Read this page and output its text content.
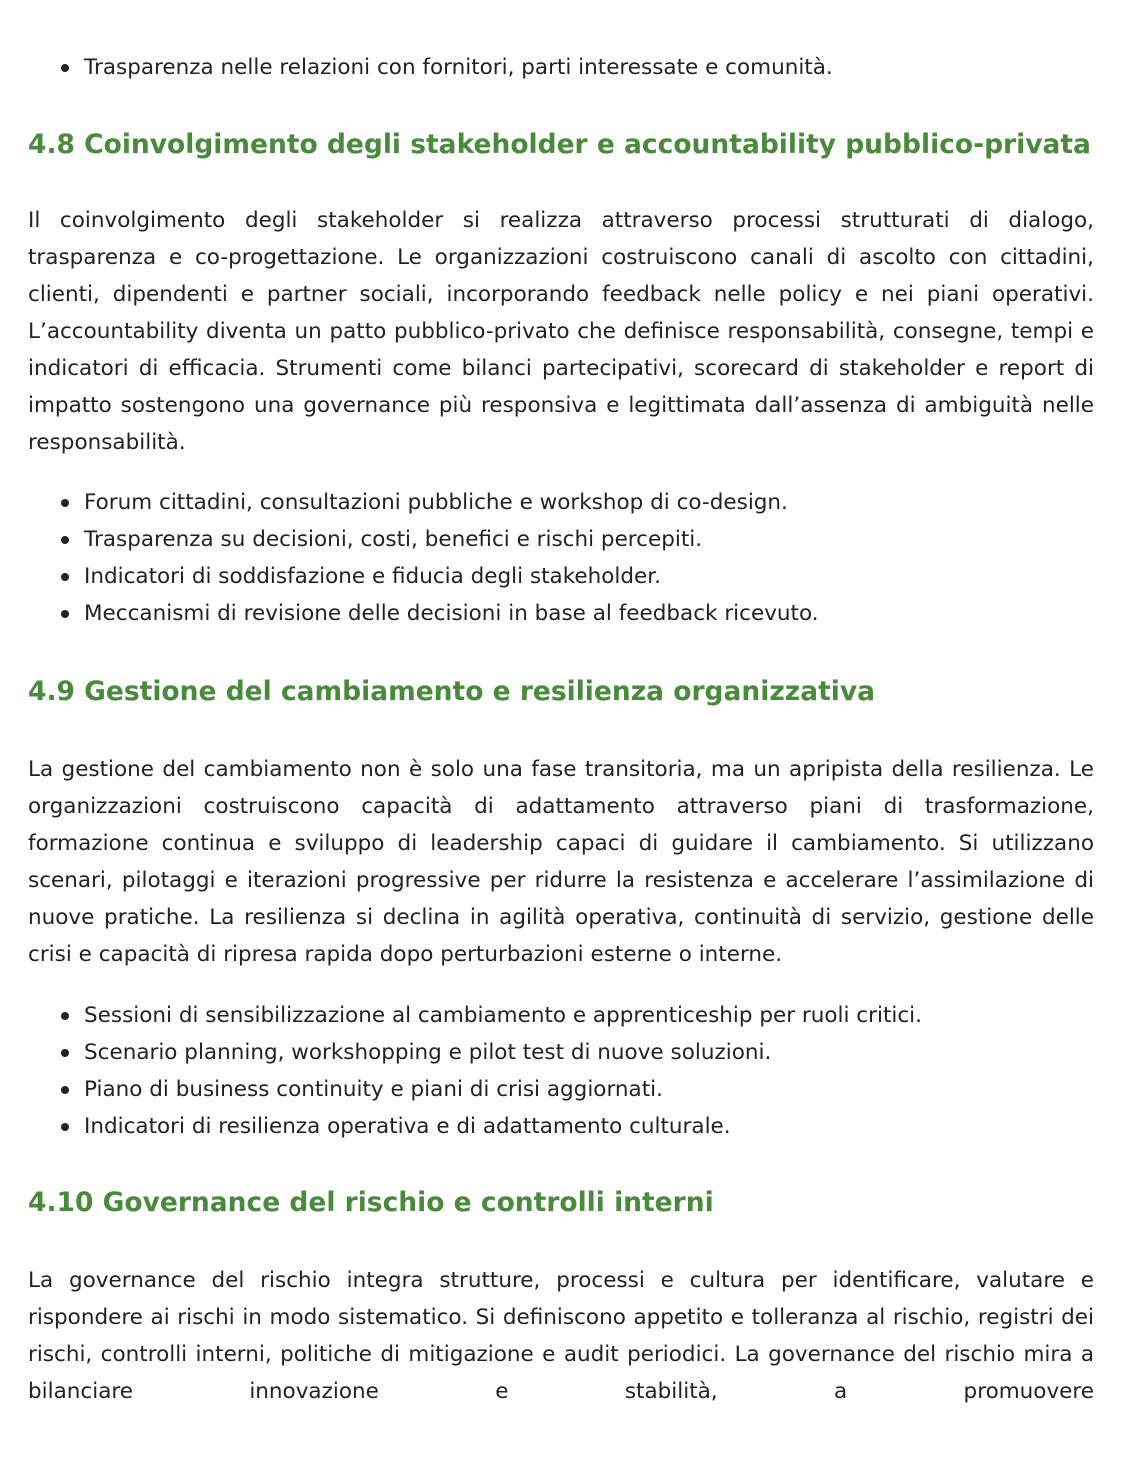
Trasparenza nelle relazioni con fornitori, parti interessate e comunità.
4.8 Coinvolgimento degli stakeholder e accountability pubblico-privata

Il coinvolgimento degli stakeholder si realizza attraverso processi strutturati di dialogo, trasparenza e co-progettazione. Le organizzazioni costruiscono canali di ascolto con cittadini, clienti, dipendenti e partner sociali, incorporando feedback nelle policy e nei piani operativi. L’accountability diventa un patto pubblico-privato che definisce responsabilità, consegne, tempi e indicatori di efficacia. Strumenti come bilanci partecipativi, scorecard di stakeholder e report di impatto sostengono una governance più responsiva e legittimata dall’assenza di ambiguità nelle responsabilità.

Forum cittadini, consultazioni pubbliche e workshop di co-design.
Trasparenza su decisioni, costi, benefici e rischi percepiti.
Indicatori di soddisfazione e fiducia degli stakeholder.
Meccanismi di revisione delle decisioni in base al feedback ricevuto.
4.9 Gestione del cambiamento e resilienza organizzativa

La gestione del cambiamento non è solo una fase transitoria, ma un apripista della resilienza. Le organizzazioni costruiscono capacità di adattamento attraverso piani di trasformazione, formazione continua e sviluppo di leadership capaci di guidare il cambiamento. Si utilizzano scenari, pilotaggi e iterazioni progressive per ridurre la resistenza e accelerare l’assimilazione di nuove pratiche. La resilienza si declina in agilità operativa, continuità di servizio, gestione delle crisi e capacità di ripresa rapida dopo perturbazioni esterne o interne.

Sessioni di sensibilizzazione al cambiamento e apprenticeship per ruoli critici.
Scenario planning, workshopping e pilot test di nuove soluzioni.
Piano di business continuity e piani di crisi aggiornati.
Indicatori di resilienza operativa e di adattamento culturale.
4.10 Governance del rischio e controlli interni

La governance del rischio integra strutture, processi e cultura per identificare, valutare e rispondere ai rischi in modo sistematico. Si definiscono appetito e tolleranza al rischio, registri dei rischi, controlli interni, politiche di mitigazione e audit periodici. La governance del rischio mira a bilanciare innovazione e stabilità, a promuovere
